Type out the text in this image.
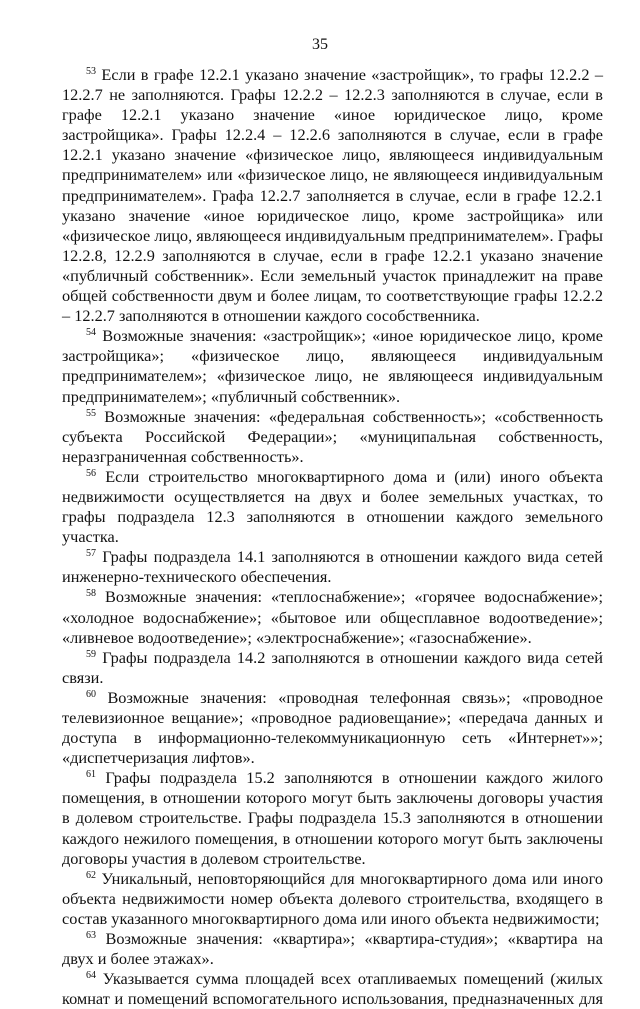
35

$^{53}$ Если в графе 12.2.1 указано значение «застройщик», то графы 12.2.2 – 12.2.7 не заполняются. Графы 12.2.2 – 12.2.3 заполняются в случае, если в графе 12.2.1 указано значение «иное юридическое лицо, кроме застройщика». Графы 12.2.4 – 12.2.6 заполняются в случае, если в графе 12.2.1 указано значение «физическое лицо, являющееся индивидуальным предпринимателем» или «физическое лицо, не являющееся индивидуальным предпринимателем». Графа 12.2.7 заполняется в случае, если в графе 12.2.1 указано значение «иное юридическое лицо, кроме застройщика» или «физическое лицо, являющееся индивидуальным предпринимателем». Графы 12.2.8, 12.2.9 заполняются в случае, если в графе 12.2.1 указано значение «публичный собственник». Если земельный участок принадлежит на праве общей собственности двум и более лицам, то соответствующие графы 12.2.2 – 12.2.7 заполняются в отношении каждого сособственника.

$^{54}$ Возможные значения: «застройщик»; «иное юридическое лицо, кроме застройщика»; «физическое лицо, являющееся индивидуальным предпринимателем»; «физическое лицо, не являющееся индивидуальным предпринимателем»; «публичный собственник».

$^{55}$ Возможные значения: «федеральная собственность»; «собственность субъекта Российской Федерации»; «муниципальная собственность, неразграниченная собственность».

$^{56}$ Если строительство многоквартирного дома и (или) иного объекта недвижимости осуществляется на двух и более земельных участках, то графы подраздела 12.3 заполняются в отношении каждого земельного участка.

$^{57}$ Графы подраздела 14.1 заполняются в отношении каждого вида сетей инженерно-технического обеспечения.

$^{58}$ Возможные значения: «теплоснабжение»; «горячее водоснабжение»; «холодное водоснабжение»; «бытовое или общесплавное водоотведение»; «ливневое водоотведение»; «электроснабжение»; «газоснабжение».

$^{59}$ Графы подраздела 14.2 заполняются в отношении каждого вида сетей связи.

$^{60}$ Возможные значения: «проводная телефонная связь»; «проводное телевизионное вещание»; «проводное радиовещание»; «передача данных и доступа в информационно-телекоммуникационную сеть «Интернет»»; «диспетчеризация лифтов».

$^{61}$ Графы подраздела 15.2 заполняются в отношении каждого жилого помещения, в отношении которого могут быть заключены договоры участия в долевом строительстве. Графы подраздела 15.3 заполняются в отношении каждого нежилого помещения, в отношении которого могут быть заключены договоры участия в долевом строительстве.

$^{62}$ Уникальный, неповторяющийся для многоквартирного дома или иного объекта недвижимости номер объекта долевого строительства, входящего в состав указанного многоквартирного дома или иного объекта недвижимости;

$^{63}$ Возможные значения: «квартира»; «квартира-студия»; «квартира на двух и более этажах».

$^{64}$ Указывается сумма площадей всех отапливаемых помещений (жилых комнат и помещений вспомогательного использования, предназначенных для
